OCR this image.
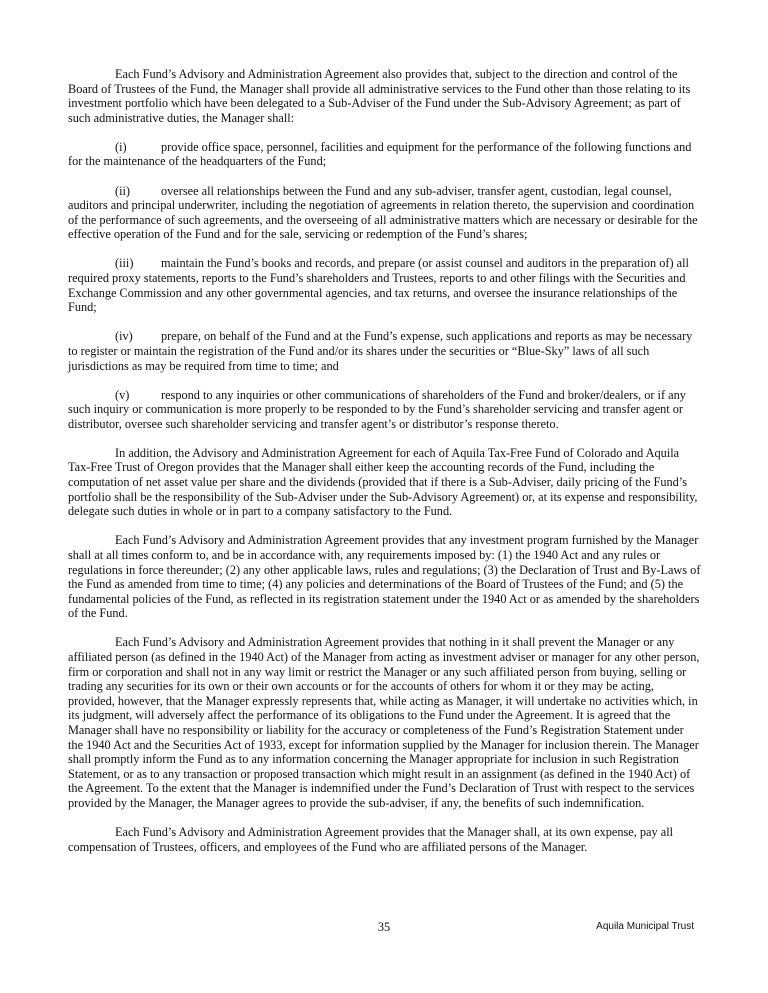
Each Fund’s Advisory and Administration Agreement also provides that, subject to the direction and control of the Board of Trustees of the Fund, the Manager shall provide all administrative services to the Fund other than those relating to its investment portfolio which have been delegated to a Sub-Adviser of the Fund under the Sub-Advisory Agreement; as part of such administrative duties, the Manager shall:

(i)	provide office space, personnel, facilities and equipment for the performance of the following functions and for the maintenance of the headquarters of the Fund;

(ii)	oversee all relationships between the Fund and any sub-adviser, transfer agent, custodian, legal counsel, auditors and principal underwriter, including the negotiation of agreements in relation thereto, the supervision and coordination of the performance of such agreements, and the overseeing of all administrative matters which are necessary or desirable for the effective operation of the Fund and for the sale, servicing or redemption of the Fund’s shares;

(iii) maintain the Fund’s books and records, and prepare (or assist counsel and auditors in the preparation of) all required proxy statements, reports to the Fund’s shareholders and Trustees, reports to and other filings with the Securities and Exchange Commission and any other governmental agencies, and tax returns, and oversee the insurance relationships of the Fund;

(iv) prepare, on behalf of the Fund and at the Fund’s expense, such applications and reports as may be necessary to register or maintain the registration of the Fund and/or its shares under the securities or “Blue-Sky” laws of all such jurisdictions as may be required from time to time; and

(v)	respond to any inquiries or other communications of shareholders of the Fund and broker/dealers, or if any such inquiry or communication is more properly to be responded to by the Fund’s shareholder servicing and transfer agent or distributor, oversee such shareholder servicing and transfer agent’s or distributor’s response thereto.

In addition, the Advisory and Administration Agreement for each of Aquila Tax-Free Fund of Colorado and Aquila Tax-Free Trust of Oregon provides that the Manager shall either keep the accounting records of the Fund, including the computation of net asset value per share and the dividends (provided that if there is a Sub-Adviser, daily pricing of the Fund’s portfolio shall be the responsibility of the Sub-Adviser under the Sub-Advisory Agreement) or, at its expense and responsibility, delegate such duties in whole or in part to a company satisfactory to the Fund.

Each Fund’s Advisory and Administration Agreement provides that any investment program furnished by the Manager shall at all times conform to, and be in accordance with, any requirements imposed by: (1) the 1940 Act and any rules or regulations in force thereunder; (2) any other applicable laws, rules and regulations; (3) the Declaration of Trust and By-Laws of the Fund as amended from time to time; (4) any policies and determinations of the Board of Trustees of the Fund; and (5) the fundamental policies of the Fund, as reflected in its registration statement under the 1940 Act or as amended by the shareholders of the Fund.

Each Fund’s Advisory and Administration Agreement provides that nothing in it shall prevent the Manager or any affiliated person (as defined in the 1940 Act) of the Manager from acting as investment adviser or manager for any other person, firm or corporation and shall not in any way limit or restrict the Manager or any such affiliated person from buying, selling or trading any securities for its own or their own accounts or for the accounts of others for whom it or they may be acting, provided, however, that the Manager expressly represents that, while acting as Manager, it will undertake no activities which, in its judgment, will adversely affect the performance of its obligations to the Fund under the Agreement. It is agreed that the Manager shall have no responsibility or liability for the accuracy or completeness of the Fund’s Registration Statement under the 1940 Act and the Securities Act of 1933, except for information supplied by the Manager for inclusion therein. The Manager shall promptly inform the Fund as to any information concerning the Manager appropriate for inclusion in such Registration Statement, or as to any transaction or proposed transaction which might result in an assignment (as defined in the 1940 Act) of the Agreement. To the extent that the Manager is indemnified under the Fund’s Declaration of Trust with respect to the services provided by the Manager, the Manager agrees to provide the sub-adviser, if any, the benefits of such indemnification.

Each Fund’s Advisory and Administration Agreement provides that the Manager shall, at its own expense, pay all compensation of Trustees, officers, and employees of the Fund who are affiliated persons of the Manager.

35	Aquila Municipal Trust
